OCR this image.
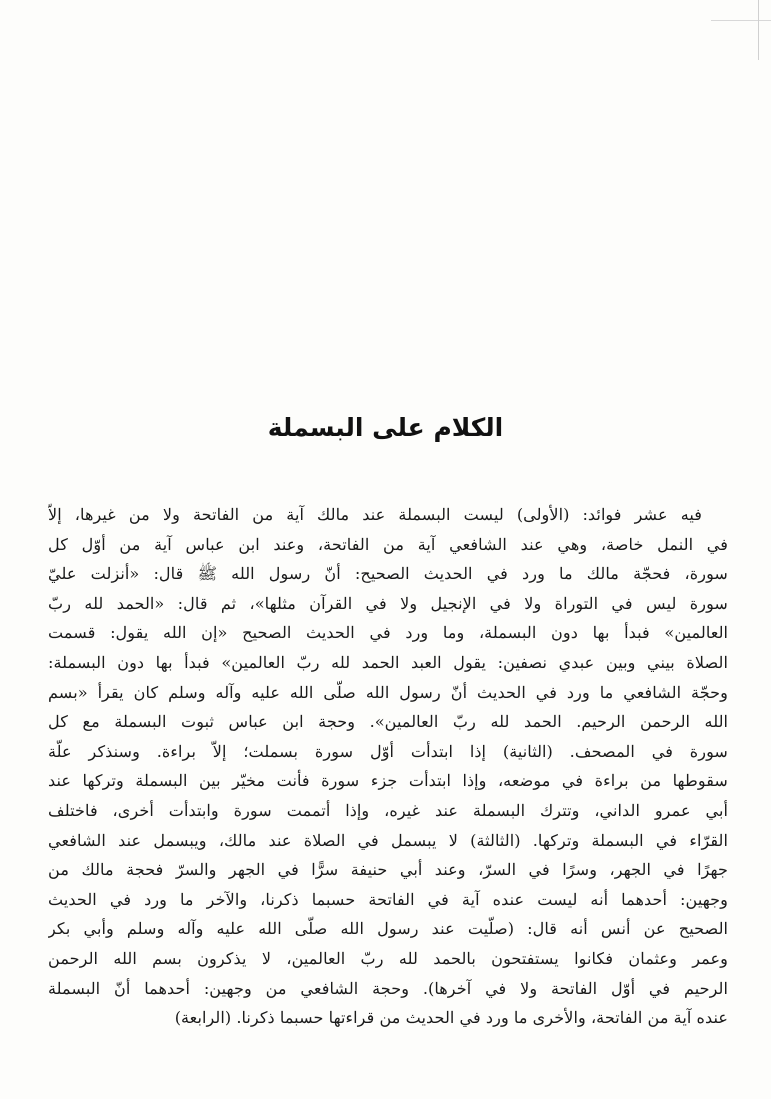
الكلام على البسملة
فيه عشر فوائد: (الأولى) ليست البسملة عند مالك آية من الفاتحة ولا من غيرها، إلاّ
في النمل خاصة، وهي عند الشافعي آية من الفاتحة، وعند ابن عباس آية من أوّل كل
سورة، فحجّة مالك ما ورد في الحديث الصحيح: أنّ رسول الله ﷺ قال: «أنزلت عليّ
سورة ليس في التوراة ولا في الإنجيل ولا في القرآن مثلها»، ثم قال: «الحمد لله ربّ
العالمين» فبدأ بها دون البسملة، وما ورد في الحديث الصحيح «إن الله يقول: قسمت
الصلاة بيني وبين عبدي نصفين: يقول العبد الحمد لله ربّ العالمين» فبدأ بها دون البسملة:
وحجّة الشافعي ما ورد في الحديث أنّ رسول الله صلّى الله عليه وآله وسلم كان يقرأ «بسم
الله الرحمن الرحيم. الحمد لله ربّ العالمين». وحجة ابن عباس ثبوت البسملة مع كل
سورة في المصحف. (الثانية) إذا ابتدأت أوّل سورة بسملت؛ إلاّ براءة. وسنذكر علّة
سقوطها من براءة في موضعه، وإذا ابتدأت جزء سورة فأنت مخيّر بين البسملة وتركها عند
أبي عمرو الداني، وتترك البسملة عند غيره، وإذا أتممت سورة وابتدأت أخرى، فاختلف
القرّاء في البسملة وتركها. (الثالثة) لا يبسمل في الصلاة عند مالك، ويبسمل عند الشافعي
جهرًا في الجهر، وسرًا في السرّ، وعند أبي حنيفة سرًّا في الجهر والسرّ فحجة مالك من
وجهين: أحدهما أنه ليست عنده آية في الفاتحة حسبما ذكرنا، والآخر ما ورد في الحديث
الصحيح عن أنس أنه قال: (صلّيت عند رسول الله صلّى الله عليه وآله وسلم وأبي بكر
وعمر وعثمان فكانوا يستفتحون بالحمد لله ربّ العالمين، لا يذكرون بسم الله الرحمن
الرحيم في أوّل الفاتحة ولا في آخرها). وحجة الشافعي من وجهين: أحدهما أنّ البسملة
عنده آية من الفاتحة، والأخرى ما ورد في الحديث من قراءتها حسبما ذكرنا. (الرابعة)
